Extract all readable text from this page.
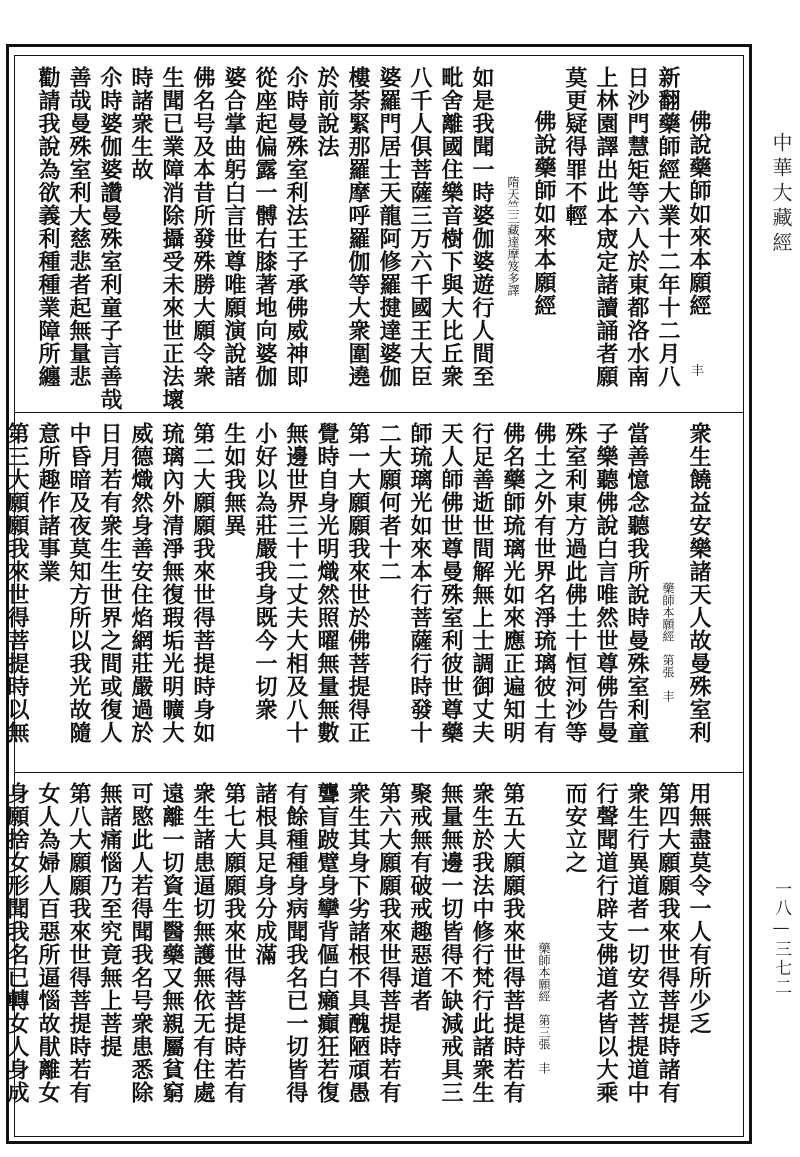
中華大藏經
一八—三七二
佛說藥師如來本願經
新翻藥師經大業十二年十二月八
日沙門慧矩等六人於東都洛水南
上林園譯出此本宬定諸讀誦者願
莫更疑得罪不輕
佛說藥師如來本願經
隋天竺三藏達摩笈多譯
如是我聞一時婆伽婆遊行人間至
毗舍離國住樂音樹下與大比丘衆
八千人俱菩薩三万六千國王大臣
婆羅門居士天龍阿修羅揵達婆伽
樓荼緊那羅摩呼羅伽等大衆圍遶
於前說法
尒時曼殊室利法王子承佛威神即
從座起偏露一髆右膝著地向婆伽
婆合掌曲躬白言世尊唯願演說諸
佛名号及本昔所發殊勝大願令衆
生聞已業障消除攝受未來世正法壞
時諸衆生故
尒時婆伽婆讚曼殊室利童子言善哉
善哉曼殊室利大慈悲者起無量悲
勸請我說為欲義利種種業障所纏
衆生饒益安樂諸天人故曼殊室利
藥師本願經　第張　丰
當善憶念聽我所說時曼殊室利童
子樂聽佛說白言唯然世尊佛告曼
殊室利東方過此佛土十恒河沙等
佛土之外有世界名淨琉璃彼土有
佛名藥師琉璃光如來應正遍知明
行足善逝世間解無上士調御丈夫
天人師佛世尊曼殊室利彼世尊藥
師琉璃光如來本行菩薩行時發十
二大願何者十二
第一大願願我來世於佛菩提得正
覺時自身光明熾然照曜無量無數
無邊世界三十二丈夫大相及八十
小好以為莊嚴我身既今一切衆
生如我無異
第二大願願我來世得菩提時身如
琉璃內外清淨無復瑕垢光明曠大
威德熾然身善安住焰網莊嚴過於
日月若有衆生生世界之間或復人
中昏暗及夜莫知方所以我光故隨
意所趣作諸事業
第三大願願我來世得菩提時以無
用無盡莫令一人有所少乏
第四大願願我來世得菩提時諸有
衆生行異道者一切安立菩提道中
行聲聞道行辟支佛道者皆以大乘
而安立之
藥師本願經　第三張　丰
第五大願願我來世得菩提時若有
衆生於我法中修行梵行此諸衆生
無量無邊一切皆得不缺減戒具三
聚戒無有破戒趣惡道者
第六大願願我來世得菩提時若有
衆生其身下劣諸根不具醜陋頑愚
聾盲跛躄身攣背傴白癩癲狂若復
有餘種種身病聞我名已一切皆得
諸根具足身分成滿
第七大願願我來世得菩提時若有
衆生諸患逼切無護無依无有住處
遠離一切資生醫藥又無親屬貧窮
可愍此人若得聞我名号衆患悉除
無諸痛惱乃至究竟無上菩提
第八大願願我來世得菩提時若有
女人為婦人百惡所逼惱故猒離女
身願捨女形聞我名已轉女人身成
丰
